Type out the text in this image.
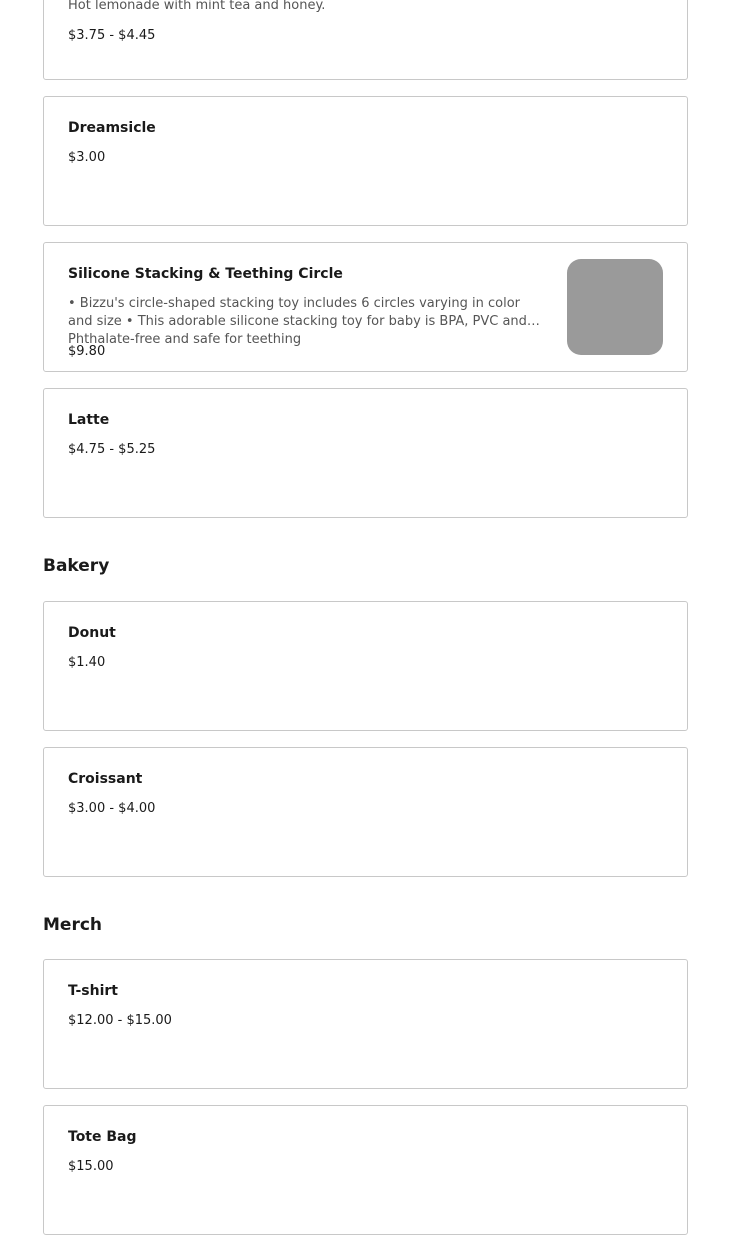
Hot lemonade with mint tea and honey.
$3.75 - $4.45
Dreamsicle
$3.00
Silicone Stacking & Teething Circle
• Bizzu's circle-shaped stacking toy includes 6 circles varying in color and size • This adorable silicone stacking toy for baby is BPA, PVC and Phthalate-free and safe for teething
$9.80
Latte
$4.75 - $5.25
Bakery
Donut
$1.40
Croissant
$3.00 - $4.00
Merch
T-shirt
$12.00 - $15.00
Tote Bag
$15.00
